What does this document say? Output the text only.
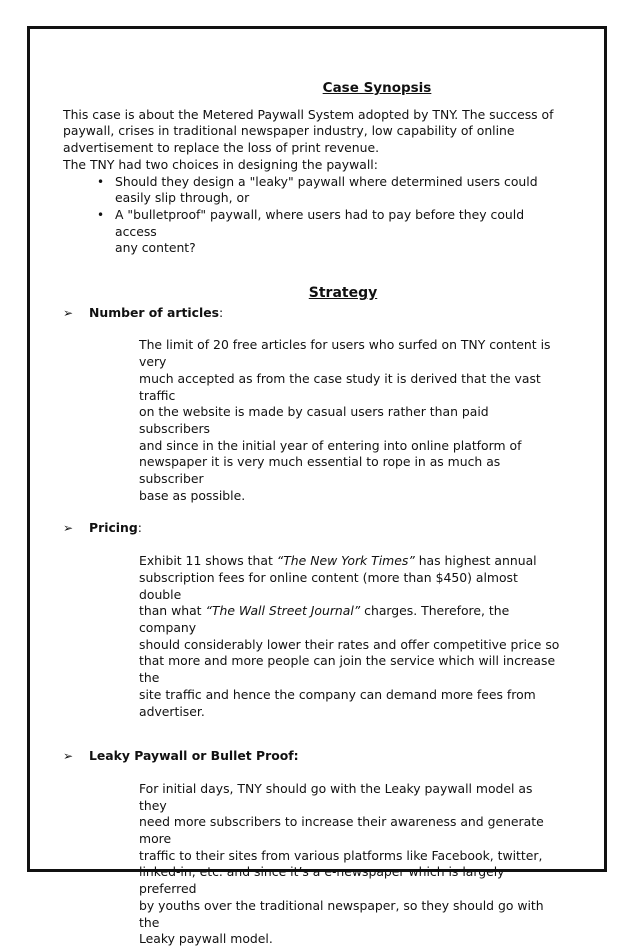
Case Synopsis

This case is about the Metered Paywall System adopted by TNY. The success of

paywall, crises in traditional newspaper industry, low capability of online

advertisement to replace the loss of print revenue.

The TNY had two choices in designing the paywall:

• Should they design a "leaky" paywall where determined users could

easily slip through, or

• A "bulletproof" paywall, where users had to pay before they could access

any content?

Strategy
➢ Number of articles:

The limit of 20 free articles for users who surfed on TNY content is very

much accepted as from the case study it is derived that the vast traffic

on the website is made by casual users rather than paid subscribers

and since in the initial year of entering into online platform of

newspaper it is very much essential to rope in as much as subscriber

base as possible.

➢ Pricing:

Exhibit 11 shows that “The New York Times” has highest annual

subscription fees for online content (more than $450) almost double

than what “The Wall Street Journal” charges. Therefore, the company

should considerably lower their rates and offer competitive price so

that more and more people can join the service which will increase the

site traffic and hence the company can demand more fees from

advertiser.

➢ Leaky Paywall or Bullet Proof:

For initial days, TNY should go with the Leaky paywall model as they

need more subscribers to increase their awareness and generate more

traffic to their sites from various platforms like Facebook, twitter,

linked-in, etc. and since it’s a e-newspaper which is largely preferred

by youths over the traditional newspaper, so they should go with the

Leaky paywall model.
